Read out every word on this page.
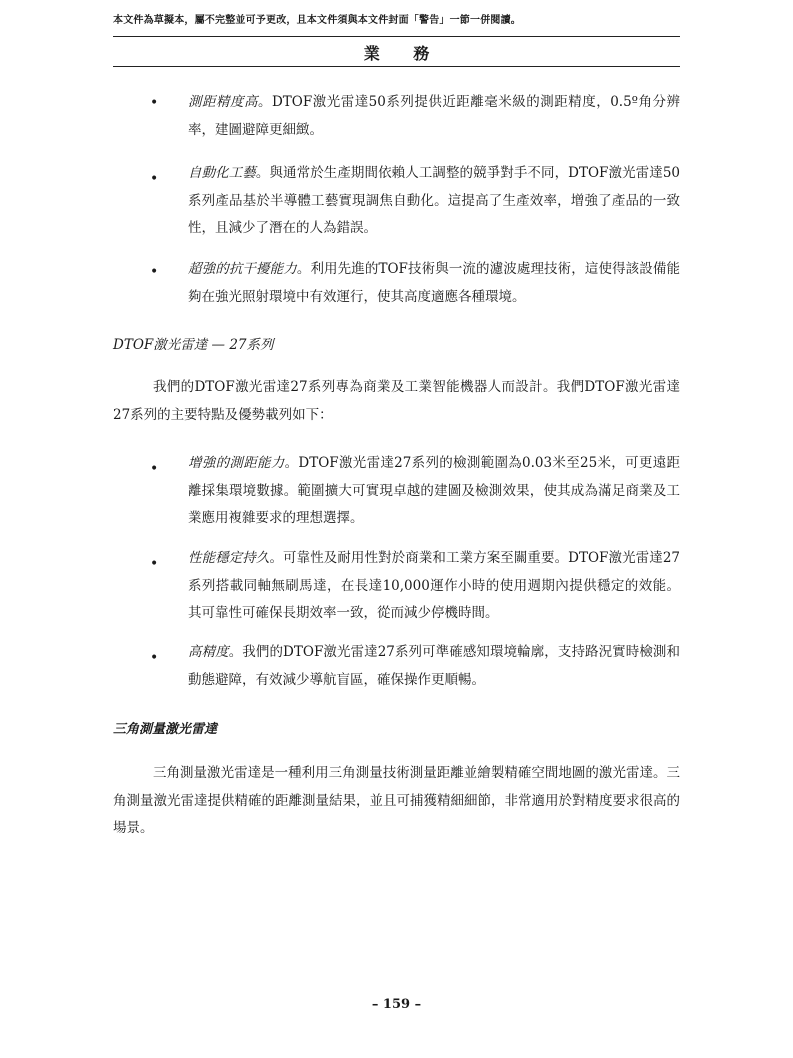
本文件為草擬本，屬不完整並可予更改，且本文件須與本文件封面「警告」一節一併閱讀。
業 務
• 測距精度高。DTOF激光雷達50系列提供近距離毫米級的測距精度，0.5º角分辨率，建圖避障更細緻。
• 自動化工藝。與通常於生產期間依賴人工調整的競爭對手不同，DTOF激光雷達50系列產品基於半導體工藝實現調焦自動化。這提高了生產效率，增強了產品的一致性，且減少了潛在的人為錯誤。
• 超強的抗干擾能力。利用先進的TOF技術與一流的濾波處理技術，這使得該設備能夠在強光照射環境中有效運行，使其高度適應各種環境。
DTOF激光雷達 — 27系列
我們的DTOF激光雷達27系列專為商業及工業智能機器人而設計。我們DTOF激光雷達27系列的主要特點及優勢載列如下：
• 增強的測距能力。DTOF激光雷達27系列的檢測範圍為0.03米至25米，可更遠距離採集環境數據。範圍擴大可實現卓越的建圖及檢測效果，使其成為滿足商業及工業應用複雜要求的理想選擇。
• 性能穩定持久。可靠性及耐用性對於商業和工業方案至關重要。DTOF激光雷達27系列搭載同軸無刷馬達，在長達10,000運作小時的使用週期內提供穩定的效能。其可靠性可確保長期效率一致，從而減少停機時間。
• 高精度。我們的DTOF激光雷達27系列可準確感知環境輪廓，支持路況實時檢測和動態避障，有效減少導航盲區，確保操作更順暢。
三角測量激光雷達
三角測量激光雷達是一種利用三角測量技術測量距離並繪製精確空間地圖的激光雷達。三角測量激光雷達提供精確的距離測量結果，並且可捕獲精細細節，非常適用於對精度要求很高的場景。
– 159 –
